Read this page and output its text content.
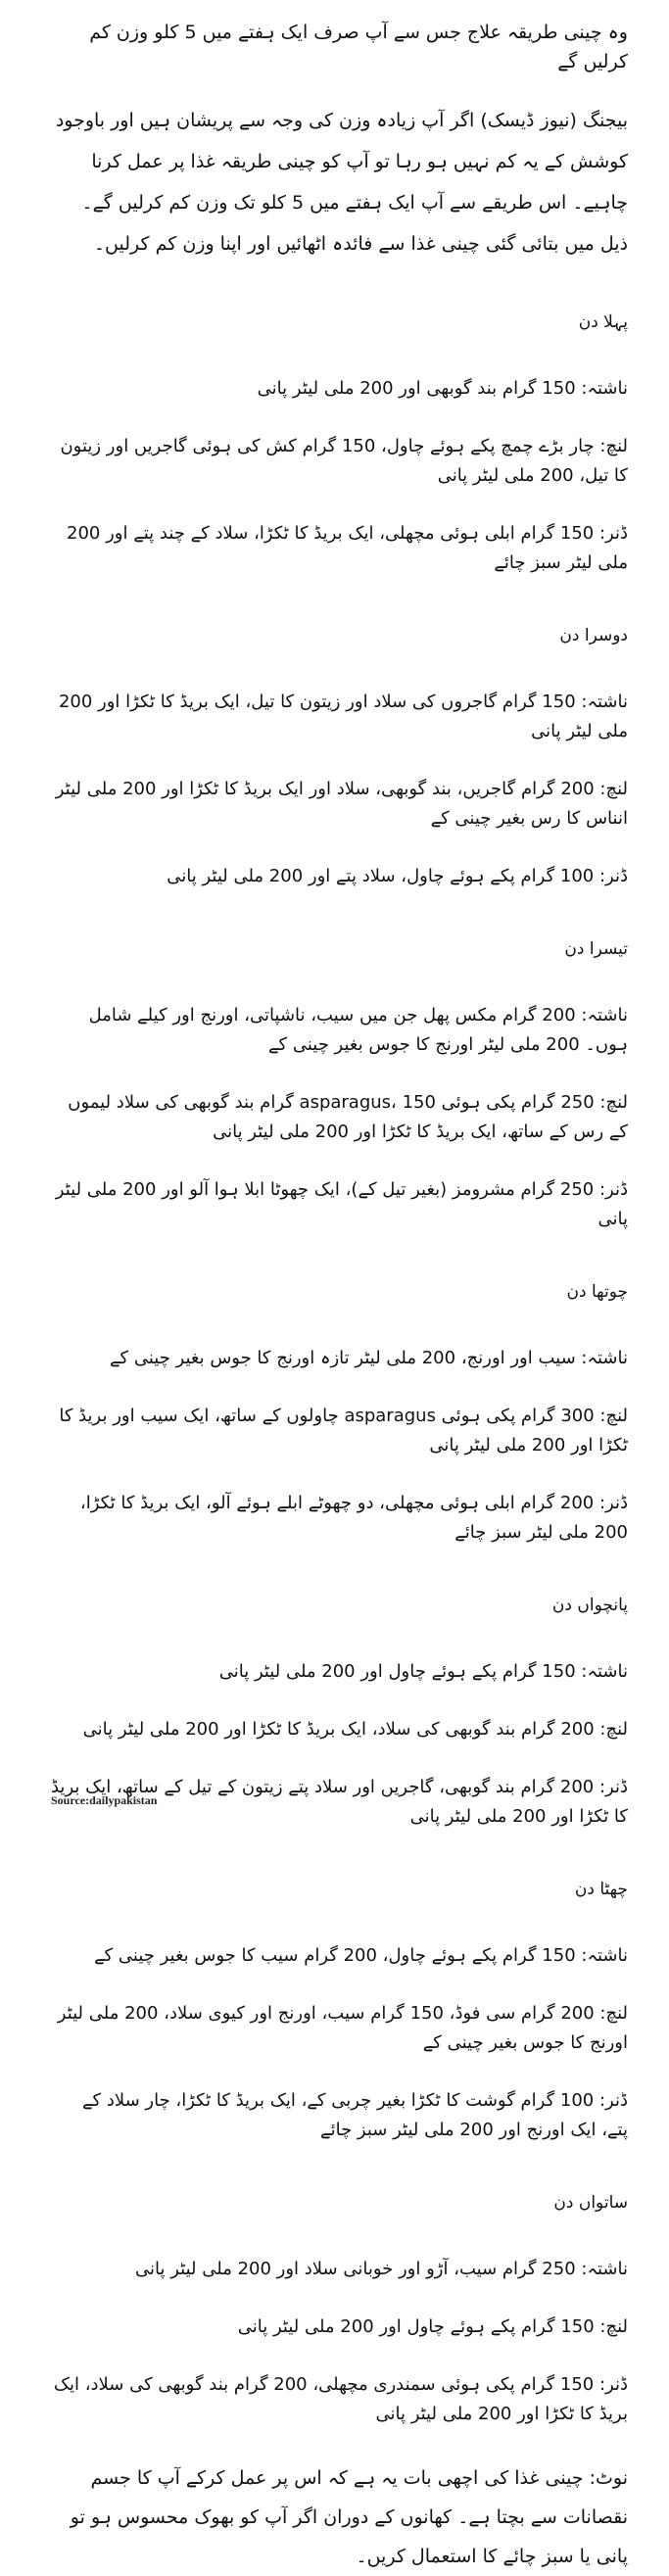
وہ چینی طریقہ علاج جس سے آپ صرف ایک ہفتے میں 5 کلو وزن کم کرلیں گے

بیجنگ (نیوز ڈیسک) اگر آپ زیادہ وزن کی وجہ سے پریشان ہیں اور باوجود کوشش کے یہ کم نہیں ہو رہا تو آپ کو چینی طریقہ غذا پر عمل کرنا چاہیے۔ اس طریقے سے آپ ایک ہفتے میں 5 کلو تک وزن کم کرلیں گے۔ ذیل میں بتائی گئی چینی غذا سے فائدہ اٹھائیں اور اپنا وزن کم کرلیں۔

پہلا دن

ناشتہ: 150 گرام بند گوبھی اور 200 ملی لیٹر پانی

لنچ: چار بڑے چمچ پکے ہوئے چاول، 150 گرام کش کی ہوئی گاجریں اور زیتون کا تیل، 200 ملی لیٹر پانی

ڈنر: 150 گرام ابلی ہوئی مچھلی، ایک بریڈ کا ٹکڑا، سلاد کے چند پتے اور 200 ملی لیٹر سبز چائے

دوسرا دن

ناشتہ: 150 گرام گاجروں کی سلاد اور زیتون کا تیل، ایک بریڈ کا ٹکڑا اور 200 ملی لیٹر پانی

لنچ: 200 گرام گاجریں، بند گوبھی، سلاد اور ایک بریڈ کا ٹکڑا اور 200 ملی لیٹر انناس کا رس بغیر چینی کے

ڈنر: 100 گرام پکے ہوئے چاول، سلاد پتے اور 200 ملی لیٹر پانی

تیسرا دن

ناشتہ: 200 گرام مکس پھل جن میں سیب، ناشپاتی، اورنج اور کیلے شامل ہوں۔ 200 ملی لیٹر اورنج کا جوس بغیر چینی کے

لنچ: 250 گرام پکی ہوئی asparagus، 150 گرام بند گوبھی کی سلاد لیموں کے رس کے ساتھ، ایک بریڈ کا ٹکڑا اور 200 ملی لیٹر پانی

ڈنر: 250 گرام مشرومز (بغیر تیل کے)، ایک چھوٹا ابلا ہوا آلو اور 200 ملی لیٹر پانی

چوتھا دن

ناشتہ: سیب اور اورنج، 200 ملی لیٹر تازہ اورنج کا جوس بغیر چینی کے

لنچ: 300 گرام پکی ہوئی asparagus چاولوں کے ساتھ، ایک سیب اور بریڈ کا ٹکڑا اور 200 ملی لیٹر پانی

ڈنر: 200 گرام ابلی ہوئی مچھلی، دو چھوٹے ابلے ہوئے آلو، ایک بریڈ کا ٹکڑا، 200 ملی لیٹر سبز چائے

پانچواں دن

ناشتہ: 150 گرام پکے ہوئے چاول اور 200 ملی لیٹر پانی

لنچ: 200 گرام بند گوبھی کی سلاد، ایک بریڈ کا ٹکڑا اور 200 ملی لیٹر پانی

ڈنر: 200 گرام بند گوبھی، گاجریں اور سلاد پتے زیتون کے تیل کے ساتھ، ایک بریڈ کا ٹکڑا اور 200 ملی لیٹر پانی

چھٹا دن

ناشتہ: 150 گرام پکے ہوئے چاول، 200 گرام سیب کا جوس بغیر چینی کے

لنچ: 200 گرام سی فوڈ، 150 گرام سیب، اورنج اور کیوی سلاد، 200 ملی لیٹر اورنج کا جوس بغیر چینی کے

ڈنر: 100 گرام گوشت کا ٹکڑا بغیر چربی کے، ایک بریڈ کا ٹکڑا، چار سلاد کے پتے، ایک اورنج اور 200 ملی لیٹر سبز چائے

ساتواں دن

ناشتہ: 250 گرام سیب، آڑو اور خوبانی سلاد اور 200 ملی لیٹر پانی

لنچ: 150 گرام پکے ہوئے چاول اور 200 ملی لیٹر پانی

ڈنر: 150 گرام پکی ہوئی سمندری مچھلی، 200 گرام بند گوبھی کی سلاد، ایک بریڈ کا ٹکڑا اور 200 ملی لیٹر پانی

نوٹ: چینی غذا کی اچھی بات یہ ہے کہ اس پر عمل کرکے آپ کا جسم نقصانات سے بچتا ہے۔ کھانوں کے دوران اگر آپ کو بھوک محسوس ہو تو پانی یا سبز چائے کا استعمال کریں۔

Source:dailypakistan
